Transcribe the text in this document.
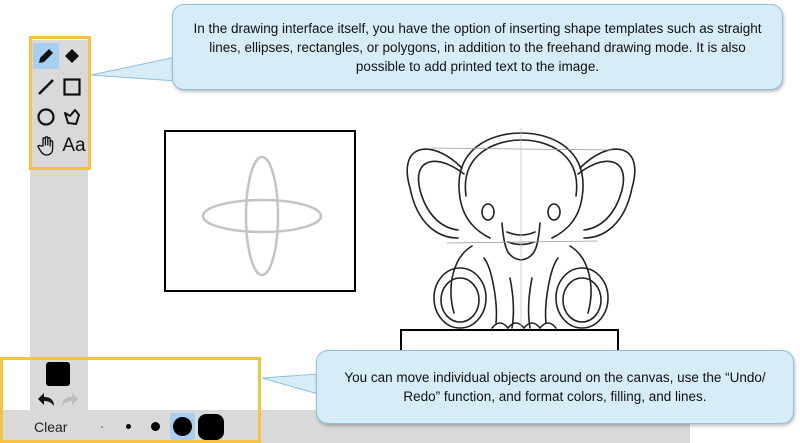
Aa
Clear
In the drawing interface itself, you have the option of inserting shape templates such as straight lines, ellipses, rectangles, or polygons, in addition to the freehand drawing mode. It is also possible to add printed text to the image.
You can move individual objects around on the canvas, use the “Undo/ Redo” function, and format colors, filling, and lines.
